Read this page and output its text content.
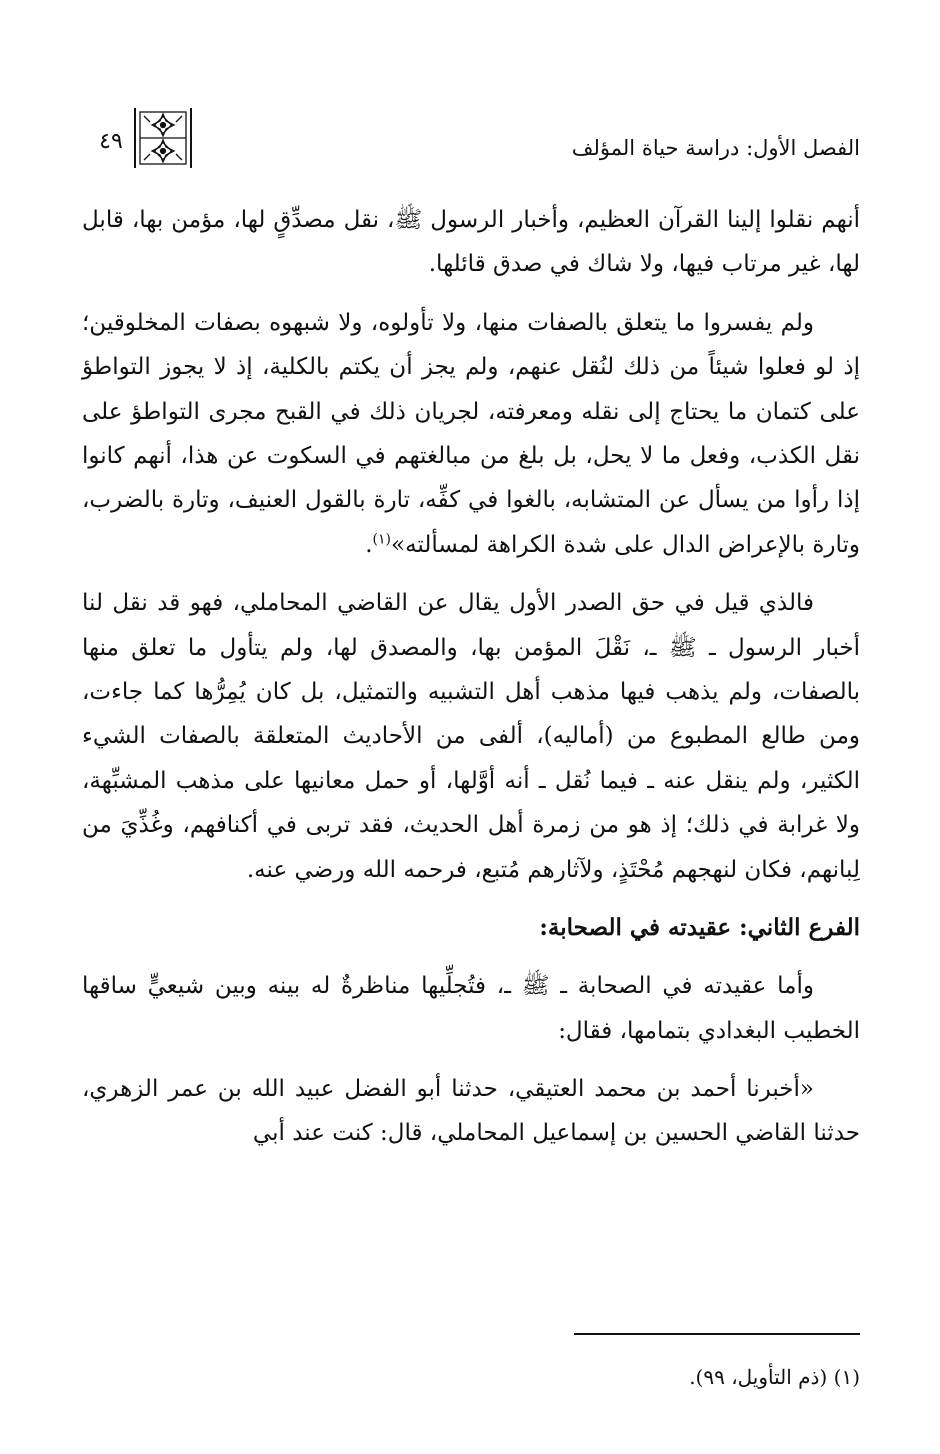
٤٩	الفصل الأول: دراسة حياة المؤلف

أنهم نقلوا إلينا القرآن العظيم، وأخبار الرسول ﷺ، نقل مصدِّقٍ لها، مؤمن بها، قابل لها، غير مرتاب فيها، ولا شاك في صدق قائلها.

ولم يفسروا ما يتعلق بالصفات منها، ولا تأولوه، ولا شبهوه بصفات المخلوقين؛ إذ لو فعلوا شيئاً من ذلك لنُقل عنهم، ولم يجز أن يكتم بالكلية، إذ لا يجوز التواطؤ على كتمان ما يحتاج إلى نقله ومعرفته، لجريان ذلك في القبح مجرى التواطؤ على نقل الكذب، وفعل ما لا يحل، بل بلغ من مبالغتهم في السكوت عن هذا، أنهم كانوا إذا رأوا من يسأل عن المتشابه، بالغوا في كفِّه، تارة بالقول العنيف، وتارة بالضرب، وتارة بالإعراض الدال على شدة الكراهة لمسألته»$^{(١)}$.

فالذي قيل في حق الصدر الأول يقال عن القاضي المحاملي، فهو قد نقل لنا أخبار الرسول ـ ﷺ ـ، نَقْلَ المؤمن بها، والمصدق لها، ولم يتأول ما تعلق منها بالصفات، ولم يذهب فيها مذهب أهل التشبيه والتمثيل، بل كان يُمِرُّها كما جاءت، ومن طالع المطبوع من (أماليه)، ألفى من الأحاديث المتعلقة بالصفات الشيء الكثير، ولم ينقل عنه ـ فيما نُقل ـ أنه أوَّلها، أو حمل معانيها على مذهب المشبِّهة، ولا غرابة في ذلك؛ إذ هو من زمرة أهل الحديث، فقد تربى في أكنافهم، وغُذِّيَ من لِبانهم، فكان لنهجهم مُحْتَذٍ، ولآثارهم مُتبع، فرحمه الله ورضي عنه.

الفرع الثاني: عقيدته في الصحابة:

وأما عقيدته في الصحابة ـ ﷺ ـ، فتُجلِّيها مناظرةٌ له بينه وبين شيعيٍّ ساقها الخطيب البغدادي بتمامها، فقال:

«أخبرنا أحمد بن محمد العتيقي، حدثنا أبو الفضل عبيد الله بن عمر الزهري، حدثنا القاضي الحسين بن إسماعيل المحاملي، قال: كنت عند أبي

(١) (ذم التأويل، ٩٩).
